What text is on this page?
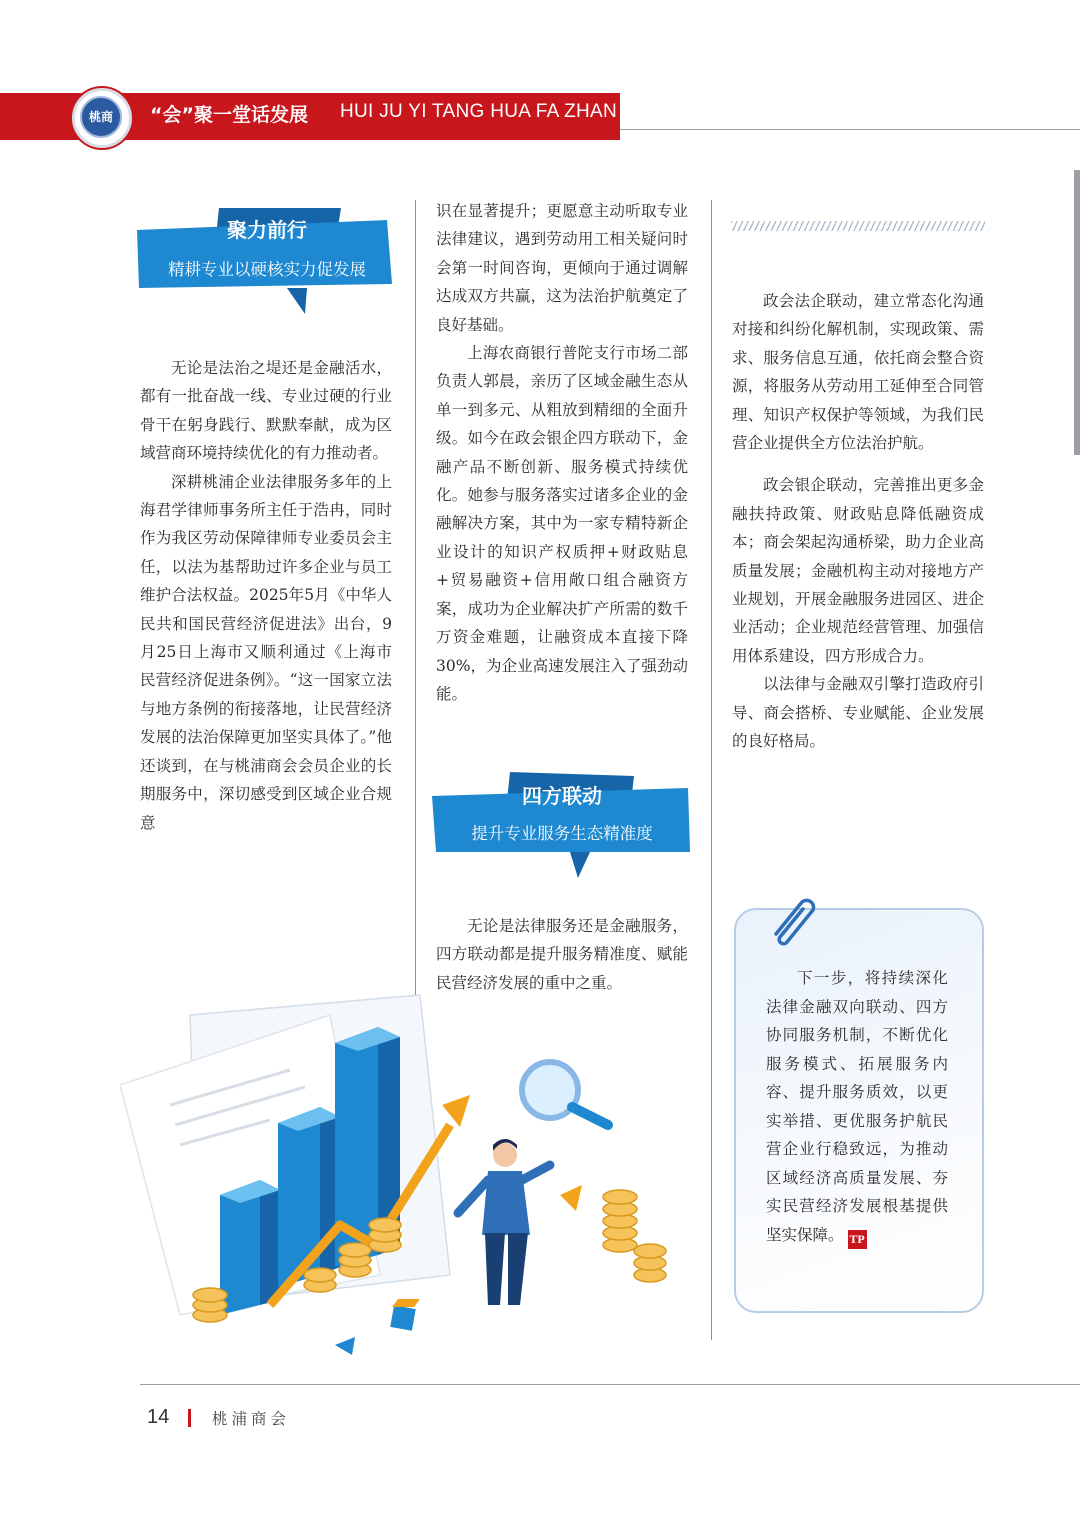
桃商	“会”聚一堂话发展 HUI JU YI TANG HUA FA ZHAN
聚力前行
精耕专业以硬核实力促发展

无论是法治之堤还是金融活水，都有一批奋战一线、专业过硬的行业骨干在躬身践行、默默奉献，成为区域营商环境持续优化的有力推动者。

深耕桃浦企业法律服务多年的上海君学律师事务所主任于浩冉，同时作为我区劳动保障律师专业委员会主任，以法为基帮助过许多企业与员工维护合法权益。2025年5月《中华人民共和国民营经济促进法》出台，9月25日上海市又顺利通过《上海市民营经济促进条例》。“这一国家立法与地方条例的衔接落地，让民营经济发展的法治保障更加坚实具体了。”他还谈到，在与桃浦商会会员企业的长期服务中，深切感受到区域企业合规意

识在显著提升；更愿意主动听取专业法律建议，遇到劳动用工相关疑问时会第一时间咨询，更倾向于通过调解达成双方共赢，这为法治护航奠定了良好基础。

上海农商银行普陀支行市场二部负责人郭晨，亲历了区域金融生态从单一到多元、从粗放到精细的全面升级。如今在政会银企四方联动下，金融产品不断创新、服务模式持续优化。她参与服务落实过诸多企业的金融解决方案，其中为一家专精特新企业设计的知识产权质押+财政贴息+贸易融资+信用敞口组合融资方案，成功为企业解决扩产所需的数千万资金难题，让融资成本直接下降30%，为企业高速发展注入了强劲动能。

四方联动
提升专业服务生态精准度

无论是法律服务还是金融服务，四方联动都是提升服务精准度、赋能民营经济发展的重中之重。

政会法企联动，建立常态化沟通对接和纠纷化解机制，实现政策、需求、服务信息互通，依托商会整合资源，将服务从劳动用工延伸至合同管理、知识产权保护等领域，为我们民营企业提供全方位法治护航。

政会银企联动，完善推出更多金融扶持政策、财政贴息降低融资成本；商会架起沟通桥梁，助力企业高质量发展；金融机构主动对接地方产业规划，开展金融服务进园区、进企业活动；企业规范经营管理、加强信用体系建设，四方形成合力。

以法律与金融双引擎打造政府引导、商会搭桥、专业赋能、企业发展的良好格局。

下一步，将持续深化法律金融双向联动、四方协同服务机制，不断优化服务模式、拓展服务内容、提升服务质效，以更实举措、更优服务护航民营企业行稳致远，为推动区域经济高质量发展、夯实民营经济发展根基提供坚实保障。 TP

14	桃浦商会
